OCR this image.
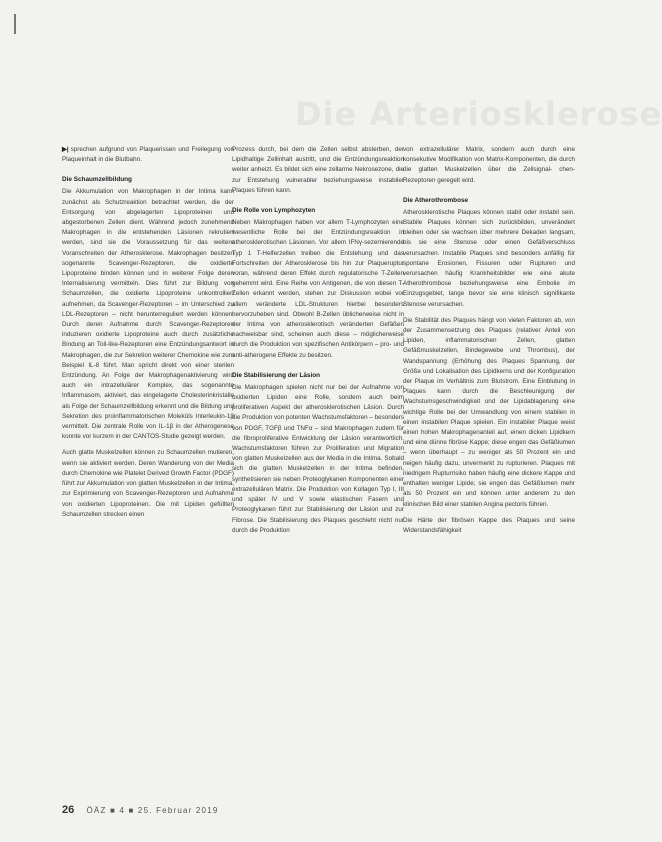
Die Arteriosklerose

▶| sprechen aufgrund von Plaquerissen und Freilegung von Plaqueinhalt in die Blutbahn.

Die Schaumzellbildung

Die Akkumulation von Makrophagen in der Intima kann zunächst als Schutzreaktion betrachtet werden, die der Entsorgung von abgelagerten Lipoproteinen und abgestorbenen Zellen dient. Während jedoch zunehmend Makrophagen in die entstehenden Läsionen rekrutiert werden, sind sie die Voraussetzung für das weitere Voranschreiten der Atherosklerose. Makrophagen besitzen sogenannte Scavenger-Rezeptoren, die oxidierte Lipoproteine binden können und in weiterer Folge deren Internalisierung vermitteln. Dies führt zur Bildung von Schaumzellen, die oxidierte Lipoproteine unkontrolliert aufnehmen, da Scavenger-Rezeptoren – im Unterschied zu LDL-Rezeptoren – nicht herunterreguliert werden können. Durch deren Aufnahme durch Scavenger-Rezeptoren induzieren oxidierte Lipoproteine auch durch zusätzliche Bindung an Toll-like-Rezeptoren eine Entzündungsantwort in Makrophagen, die zur Sekretion weiterer Chemokine wie zum Beispiel IL-8 führt. Man spricht direkt von einer sterilen Entzündung. An Folge der Makrophagenaktivierung wird auch ein intrazellulärer Komplex, das sogenannte Inflammasom, aktiviert, das eingelagerte Cholesterinkristalle als Folge der Schaumzellbildung erkennt und die Bildung und Sekretion des proinflammatorischen Moleküls Interleukin-1β vermittelt. Die zentrale Rolle von IL-1β in der Atherogenese konnte vor kurzem in der CANTOS-Studie gezeigt werden.

Auch glatte Muskelzellen können zu Schaumzellen mutieren, wenn sie aktiviert werden. Deren Wanderung von der Media durch Chemokine wie Platelet Derived Growth Factor (PDGF) führt zur Akkumulation von glatten Muskelzellen in der Intima, zur Exprimierung von Scavenger-Rezeptoren und Aufnahme von oxidierten Lipoproteinen. Die mit Lipiden gefüllten Schaumzellen strecken einen

Prozess durch, bei dem die Zellen selbst absterben, der Lipidhaltige Zellinhalt austritt, und die Entzündungsreaktion weiter anheizt. Es bildet sich eine zellarme Nekrosezone, die zur Entstehung vulnerabler beziehungsweise instabiler Plaques führen kann.

Die Rolle von Lymphozyten

Neben Makrophagen haben vor allem T-Lymphozyten eine wesentliche Rolle bei der Entzündungsreaktion in atherosklerotischen Läsionen. Vor allem IFNγ-sezernierende Typ 1 T-Helferzellen treiben die Entstehung und das Fortschreiten der Atherosklerose bis hin zur Plaqueruptur voran, während deren Effekt durch regulatorische T-Zellen gehemmt wird. Eine Reihe von Antigenen, die von diesen T-Zellen erkannt werden, stehen zur Diskussion wobei vor allem veränderte LDL-Strukturen hierbei besonders hervorzuheben sind. Obwohl B-Zellen üblicherweise nicht in der Intima von atherosklerotisch veränderten Gefäßen nachweisbar sind, scheinen auch diese – möglicherweise durch die Produktion von spezifischen Antikörpern – pro- und anti-atherogene Effekte zu besitzen.

Die Stabilisierung der Läsion

Die Makrophagen spielen nicht nur bei der Aufnahme von oxidierten Lipiden eine Rolle, sondern auch beim proliferativen Aspekt der atherosklerotischen Läsion. Durch die Produktion von potenten Wachstumsfaktoren – besonders von PDGF, TGFβ und TNFα – sind Makrophagen zudem für die fibroproliferative Entwicklung der Läsion verantwortlich. Wachstumsfaktoren führen zur Proliferation und Migration von glatten Muskelzellen aus der Media in die Intima. Sobald sich die glatten Muskelzellen in der Intima befinden, synthetisieren sie neben Proteoglykanen Komponenten einer extrazellulären Matrix. Die Produktion von Kollagen Typ I, III und später IV und V sowie elastischen Fasern und Proteoglykanen führt zur Stabilisierung der Läsion und zur Fibrose. Die Stabilisierung des Plaques geschieht nicht nur durch die Produktion

von extrazellulärer Matrix, sondern auch durch eine konsekutive Modifikation von Matrix-Komponenten, die durch die glatten Muskelzellen über die Zellsignal- chen-Rezeptoren geregelt wird.

Die Atherothrombose

Atherosklerotische Plaques können stabil oder instabil sein. Stabile Plaques können sich zurückbilden, unverändert bleiben oder sie wachsen über mehrere Dekaden langsam, bis sie eine Stenose oder einen Gefäßverschluss verursachen. Instabile Plaques sind besonders anfällig für spontane Erosionen, Fissuren oder Rupturen und verursachen häufig Krankheitsbilder wie eine akute Atherothrombose beziehungsweise eine Embolie im Einzugsgebiet, lange bevor sie eine klinisch signifikante Stenose verursachen.

Die Stabilität des Plaques hängt von vielen Faktoren ab, von der Zusammensetzung des Plaques (relativer Anteil von Lipiden, inflammatorischen Zellen, glatten Gefäßmuskelzellen, Bindegewebe und Thrombus), der Wandspannung (Erhöhung des Plaques Spannung, der Größe und Lokalisation des Lipidkerns und der Konfiguration der Plaque im Verhältnis zum Blutstrom. Eine Einblutung in Plaques kann durch die Beschleunigung der Wachstumsgeschwindigkeit und der Lipidablagerung eine wichtige Rolle bei der Umwandlung von einem stabilen in einen instabilen Plaque spielen. Ein instabiler Plaque weist einen hohen Makrophagenanteil auf, einen dicken Lipidkern und eine dünne fibröse Kappe; diese engen das Gefäßlumen – wenn überhaupt – zu weniger als 50 Prozent ein und neigen häufig dazu, unvermerkt zu rupturieren. Plaques mit niedrigem Rupturrisiko haben häufig eine dickere Kappe und enthalten weniger Lipide; sie engen das Gefäßlumen mehr als 50 Prozent ein und können unter anderem zu den klinischen Bild einer stabilen Angina pectoris führen.

Die Härte der fibrösen Kappe des Plaques und seine Widerstandsfähigkeit

26 ÖÄZ ■ 4 ■ 25. Februar 2019
